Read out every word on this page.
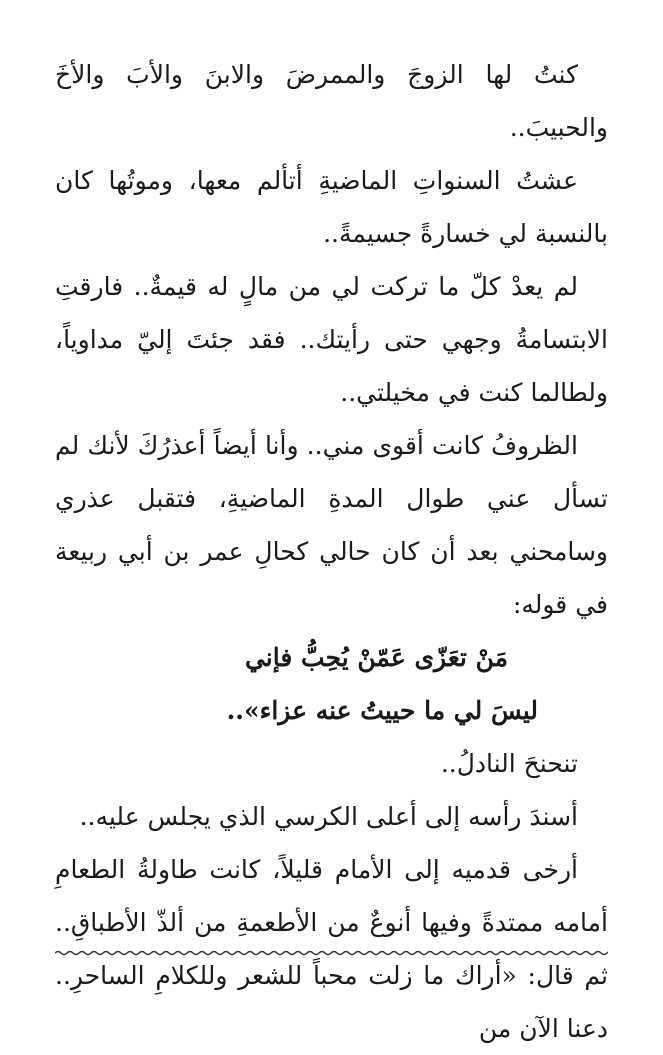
كنتُ لها الزوجَ والممرضَ والابنَ والأبَ والأخَ والحبيبَ..

عشتُ السنواتِ الماضيةِ أتألم معها، وموتُها كان بالنسبة لي خسارةً جسيمةً..

لم يعدْ كلّ ما تركت لي من مالٍ له قيمةٌ.. فارقتِ الابتسامةُ وجهي حتى رأيتك.. فقد جئتَ إليّ مداوياً، ولطالما كنت في مخيلتي..

الظروفُ كانت أقوى مني.. وأنا أيضاً أعذرُكَ لأنك لم تسأل عني طوال المدةِ الماضيةِ، فتقبل عذري وسامحني بعد أن كان حالي كحالِ عمر بن أبي ربيعة في قوله:

مَنْ تعَزّى عَمّنْ يُحِبُّ فإني

ليسَ لي ما حييتُ عنه عزاء»..

تنحنحَ النادلُ..

أسندَ رأسه إلى أعلى الكرسي الذي يجلس عليه..

أرخى قدميه إلى الأمام قليلاً، كانت طاولةُ الطعامِ أمامه ممتدةً وفيها أنوعٌ من الأطعمةِ من ألذّ الأطباقِ.. ثم قال: «أراك ما زلت محباً للشعر وللكلامِ الساحرِ.. دعنا الآن من
